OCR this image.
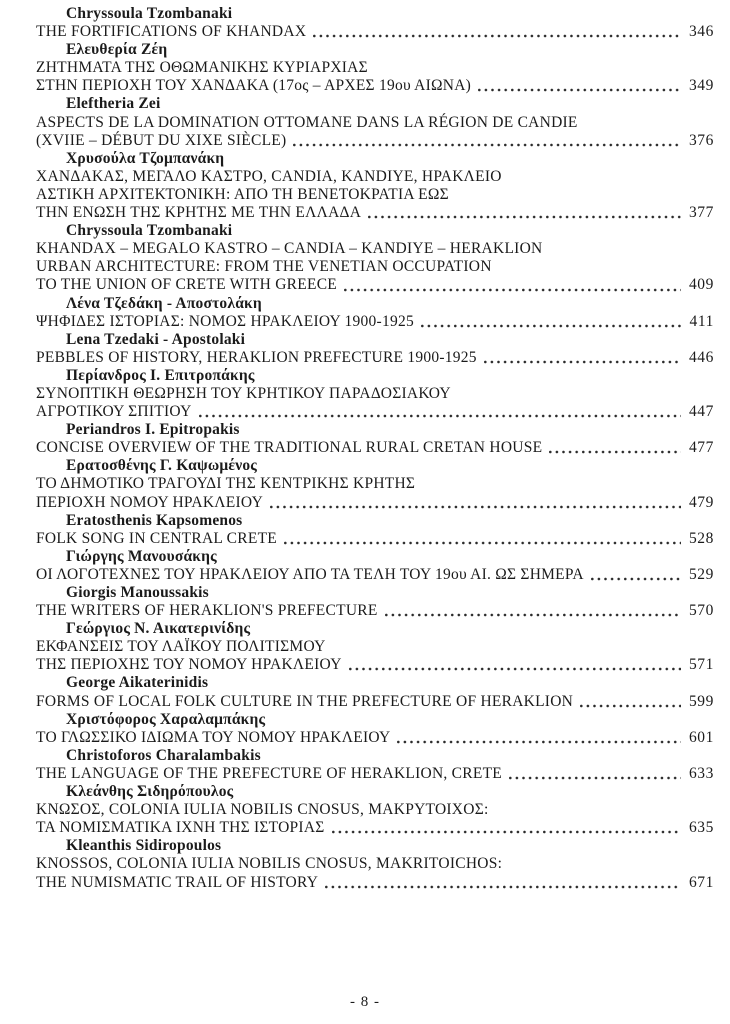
Chryssoula Tzombanaki
THE FORTIFICATIONS OF KHANDAX	346
Ελευθερία Ζέη
ΖΗΤΗΜΑΤΑ ΤΗΣ ΟΘΩΜΑΝΙΚΗΣ ΚΥΡΙΑΡΧΙΑΣ
ΣΤΗΝ ΠΕΡΙΟΧΗ ΤΟΥ ΧΑΝΔΑΚΑ (17ος – ΑΡΧΕΣ 19ου ΑΙΩΝΑ)	349
Eleftheria Zei
ASPECTS DE LA DOMINATION OTTOMANE DANS LA RÉGION DE CANDIE
(XVIIE – DÉBUT DU XIXE SIÈCLE)	376
Χρυσούλα Τζομπανάκη
ΧΑΝΔΑΚΑΣ, ΜΕΓΑΛΟ ΚΑΣΤΡΟ, CANDIA, KANDIYE, ΗΡΑΚΛΕΙΟ
ΑΣΤΙΚΗ ΑΡΧΙΤΕΚΤΟΝΙΚΗ: ΑΠΟ ΤΗ ΒΕΝΕΤΟΚΡΑΤΙΑ ΕΩΣ
ΤΗΝ ΕΝΩΣΗ ΤΗΣ ΚΡΗΤΗΣ ΜΕ ΤΗΝ ΕΛΛΑΔΑ	377
Chryssoula Tzombanaki
KHANDAX – MEGALO KASTRO – CANDIA – KANDIYE – HERAKLION
URBAN ARCHITECTURE: FROM THE VENETIAN OCCUPATION
TO THE UNION OF CRETE WITH GREECE	409
Λένα Τζεδάκη - Αποστολάκη
ΨΗΦΙΔΕΣ ΙΣΤΟΡΙΑΣ: ΝΟΜΟΣ ΗΡΑΚΛΕΙΟΥ 1900-1925	411
Lena Tzedaki - Apostolaki
PEBBLES OF HISTORY, HERAKLION PREFECTURE 1900-1925	446
Περίανδρος Ι. Επιτροπάκης
ΣΥΝΟΠΤΙΚΗ ΘΕΩΡΗΣΗ ΤΟΥ ΚΡΗΤΙΚΟΥ ΠΑΡΑΔΟΣΙΑΚΟΥ
ΑΓΡΟΤΙΚΟΥ ΣΠΙΤΙΟΥ	447
Periandros I. Epitropakis
CONCISE OVERVIEW OF THE TRADITIONAL RURAL CRETAN HOUSE	477
Ερατοσθένης Γ. Καψωμένος
ΤΟ ΔΗΜΟΤΙΚΟ ΤΡΑΓΟΥΔΙ ΤΗΣ ΚΕΝΤΡΙΚΗΣ ΚΡΗΤΗΣ
ΠΕΡΙΟΧΗ ΝΟΜΟΥ ΗΡΑΚΛΕΙΟΥ	479
Eratosthenis Kapsomenos
FOLK SONG IN CENTRAL CRETE	528
Γιώργης Μανουσάκης
ΟΙ ΛΟΓΟΤΕΧΝΕΣ ΤΟΥ ΗΡΑΚΛΕΙΟΥ ΑΠΟ ΤΑ ΤΕΛΗ ΤΟΥ 19ου ΑΙ. ΩΣ ΣΗΜΕΡΑ	529
Giorgis Manoussakis
THE WRITERS OF HERAKLION'S PREFECTURE	570
Γεώργιος Ν. Αικατερινίδης
ΕΚΦΑΝΣΕΙΣ ΤΟΥ ΛΑΪΚΟΥ ΠΟΛΙΤΙΣΜΟΥ
ΤΗΣ ΠΕΡΙΟΧΗΣ ΤΟΥ ΝΟΜΟΥ ΗΡΑΚΛΕΙΟΥ	571
George Aikaterinidis
FORMS OF LOCAL FOLK CULTURE IN THE PREFECTURE OF HERAKLION	599
Χριστόφορος Χαραλαμπάκης
ΤΟ ΓΛΩΣΣΙΚΟ ΙΔΙΩΜΑ ΤΟΥ ΝΟΜΟΥ ΗΡΑΚΛΕΙΟΥ	601
Christoforos Charalambakis
THE LANGUAGE OF THE PREFECTURE OF HERAKLION, CRETE	633
Κλεάνθης Σιδηρόπουλος
ΚΝΩΣΟΣ, COLONIA IULIA NOBILIS CNOSUS, ΜΑΚΡΥΤΟΙΧΟΣ:
ΤΑ ΝΟΜΙΣΜΑΤΙΚΑ ΙΧΝΗ ΤΗΣ ΙΣΤΟΡΙΑΣ	635
Kleanthis Sidiropoulos
KNOSSOS, COLONIA IULIA NOBILIS CNOSUS, MAKRITOICHOS:
THE NUMISMATIC TRAIL OF HISTORY	671
- 8 -
